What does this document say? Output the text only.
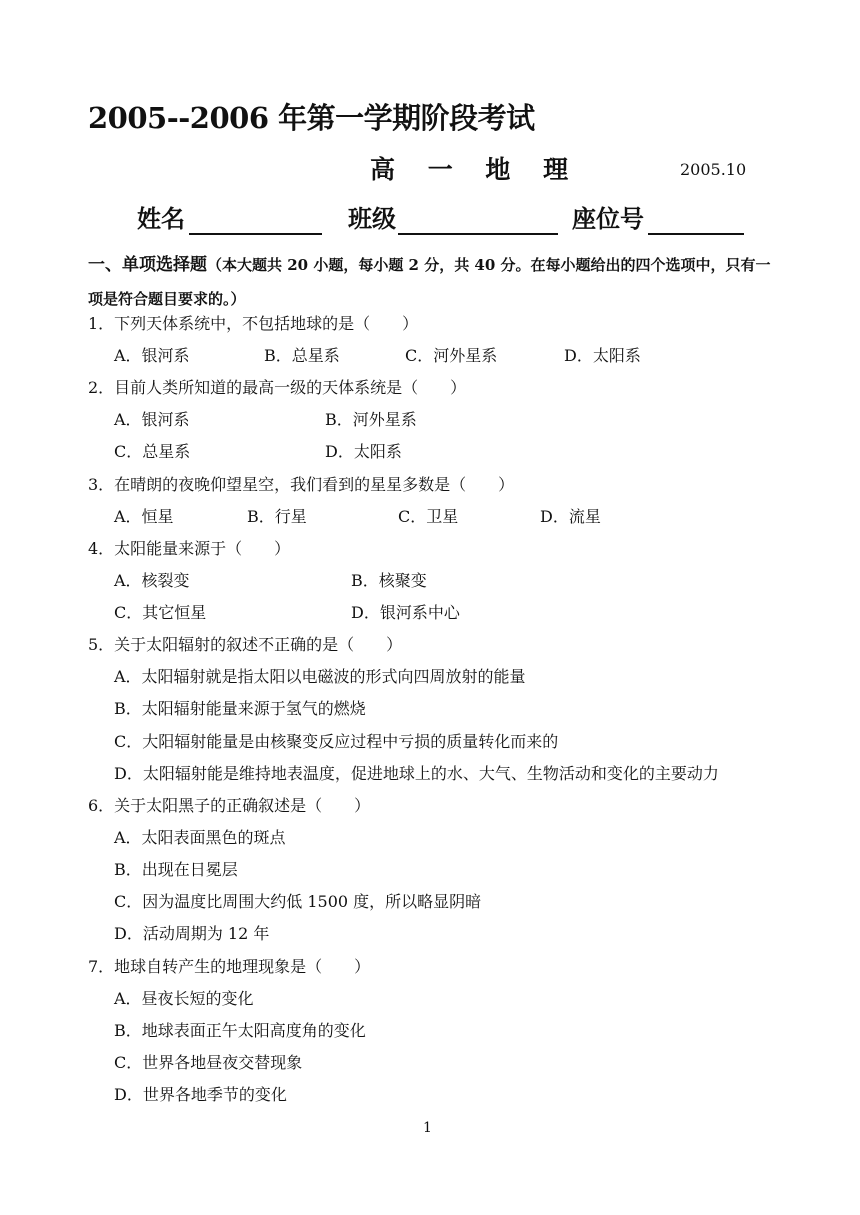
2005--2006 年第一学期阶段考试
高 一 地 理	2005.10
姓名	班级	座位号
一、单项选择题（本大题共 20 小题，每小题 2 分，共 40 分。在每小题给出的四个选项中，只有一项是符合题目要求的。）
1．下列天体系统中，不包括地球的是（　　）
A．银河系	B．总星系	C．河外星系	D．太阳系
2．目前人类所知道的最高一级的天体系统是（　　）
A．银河系	B．河外星系
C．总星系	D．太阳系
3．在晴朗的夜晚仰望星空，我们看到的星星多数是（　　）
A．恒星	B．行星	C．卫星	D．流星
4．太阳能量来源于（　　）
A．核裂变	B．核聚变
C．其它恒星	D．银河系中心
5．关于太阳辐射的叙述不正确的是（　　）
A．太阳辐射就是指太阳以电磁波的形式向四周放射的能量
B．太阳辐射能量来源于氢气的燃烧
C．大阳辐射能量是由核聚变反应过程中亏损的质量转化而来的
D．太阳辐射能是维持地表温度，促进地球上的水、大气、生物活动和变化的主要动力
6．关于太阳黑子的正确叙述是（　　）
A．太阳表面黑色的斑点
B．出现在日冕层
C．因为温度比周围大约低 1500 度，所以略显阴暗
D．活动周期为 12 年
7．地球自转产生的地理现象是（　　）
A．昼夜长短的变化
B．地球表面正午太阳高度角的变化
C．世界各地昼夜交替现象
D．世界各地季节的变化
1
